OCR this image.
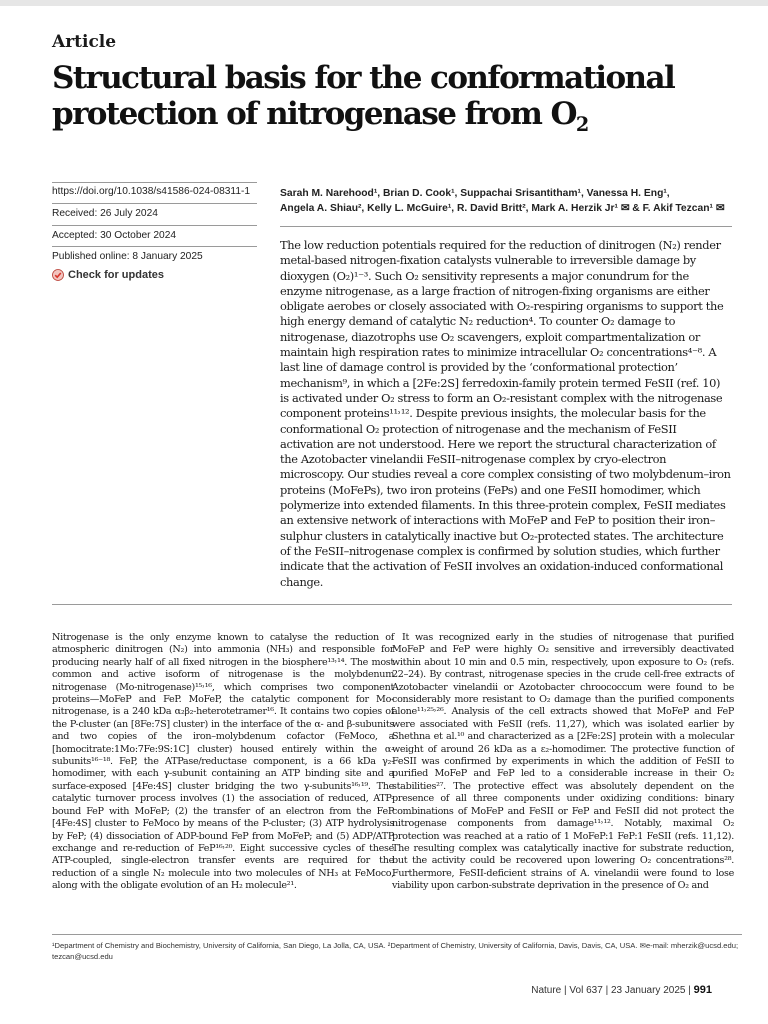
Article
Structural basis for the conformational protection of nitrogenase from $O_2$
https://doi.org/10.1038/s41586-024-08311-1
Received: 26 July 2024
Accepted: 30 October 2024
Published online: 8 January 2025
Check for updates
Sarah M. Narehood¹, Brian D. Cook¹, Suppachai Srisantitham¹, Vanessa H. Eng¹,
Angela A. Shiau², Kelly L. McGuire¹, R. David Britt², Mark A. Herzik Jr¹ ✉ & F. Akif Tezcan¹ ✉
The low reduction potentials required for the reduction of dinitrogen (N₂) render metal-based nitrogen-fixation catalysts vulnerable to irreversible damage by dioxygen (O₂)¹⁻³. Such O₂ sensitivity represents a major conundrum for the enzyme nitrogenase, as a large fraction of nitrogen-fixing organisms are either obligate aerobes or closely associated with O₂-respiring organisms to support the high energy demand of catalytic N₂ reduction⁴. To counter O₂ damage to nitrogenase, diazotrophs use O₂ scavengers, exploit compartmentalization or maintain high respiration rates to minimize intracellular O₂ concentrations⁴⁻⁸. A last line of damage control is provided by the ‘conformational protection’ mechanism⁹, in which a [2Fe:2S] ferredoxin-family protein termed FeSII (ref. 10) is activated under O₂ stress to form an O₂-resistant complex with the nitrogenase component proteins¹¹˒¹². Despite previous insights, the molecular basis for the conformational O₂ protection of nitrogenase and the mechanism of FeSII activation are not understood. Here we report the structural characterization of the Azotobacter vinelandii FeSII–nitrogenase complex by cryo-electron microscopy. Our studies reveal a core complex consisting of two molybdenum–iron proteins (MoFePs), two iron proteins (FePs) and one FeSII homodimer, which polymerize into extended filaments. In this three-protein complex, FeSII mediates an extensive network of interactions with MoFeP and FeP to position their iron–sulphur clusters in catalytically inactive but O₂-protected states. The architecture of the FeSII–nitrogenase complex is confirmed by solution studies, which further indicate that the activation of FeSII involves an oxidation-induced conformational change.
Nitrogenase is the only enzyme known to catalyse the reduction of atmospheric dinitrogen (N₂) into ammonia (NH₃) and responsible for producing nearly half of all fixed nitrogen in the biosphere¹³˒¹⁴. The most common and active isoform of nitrogenase is the molybdenum nitrogenase (Mo-nitrogenase)¹⁵˒¹⁶, which comprises two component proteins—MoFeP and FeP. MoFeP, the catalytic component for Mo-nitrogenase, is a 240 kDa α₂β₂-heterotetramer¹⁶. It contains two copies of the P-cluster (an [8Fe:7S] cluster) in the interface of the α- and β-subunits and two copies of the iron–molybdenum cofactor (FeMoco, a [homocitrate:1Mo:7Fe:9S:1C] cluster) housed entirely within the α-subunits¹⁶⁻¹⁸. FeP, the ATPase/reductase component, is a 66 kDa γ₂-homodimer, with each γ-subunit containing an ATP binding site and a surface-exposed [4Fe:4S] cluster bridging the two γ-subunits¹⁶˒¹⁹. The catalytic turnover process involves (1) the association of reduced, ATP-bound FeP with MoFeP; (2) the transfer of an electron from the FeP [4Fe:4S] cluster to FeMoco by means of the P-cluster; (3) ATP hydrolysis by FeP; (4) dissociation of ADP-bound FeP from MoFeP; and (5) ADP/ATP exchange and re-reduction of FeP¹⁶˒²⁰. Eight successive cycles of these ATP-coupled, single-electron transfer events are required for the reduction of a single N₂ molecule into two molecules of NH₃ at FeMoco, along with the obligate evolution of an H₂ molecule²¹.
It was recognized early in the studies of nitrogenase that purified MoFeP and FeP were highly O₂ sensitive and irreversibly deactivated within about 10 min and 0.5 min, respectively, upon exposure to O₂ (refs. 22–24). By contrast, nitrogenase species in the crude cell-free extracts of Azotobacter vinelandii or Azotobacter chroococcum were found to be considerably more resistant to O₂ damage than the purified components alone¹¹˒²⁵˒²⁶. Analysis of the cell extracts showed that MoFeP and FeP were associated with FeSII (refs. 11,27), which was isolated earlier by Shethna et al.¹⁰ and characterized as a [2Fe:2S] protein with a molecular weight of around 26 kDa as a ε₂-homodimer. The protective function of FeSII was confirmed by experiments in which the addition of FeSII to purified MoFeP and FeP led to a considerable increase in their O₂ stabilities²⁷. The protective effect was absolutely dependent on the presence of all three components under oxidizing conditions: binary combinations of MoFeP and FeSII or FeP and FeSII did not protect the nitrogenase components from damage¹¹˒¹². Notably, maximal O₂ protection was reached at a ratio of 1 MoFeP:1 FeP:1 FeSII (refs. 11,12). The resulting complex was catalytically inactive for substrate reduction, but the activity could be recovered upon lowering O₂ concentrations²⁸. Furthermore, FeSII-deficient strains of A. vinelandii were found to lose viability upon carbon-substrate deprivation in the presence of O₂ and
¹Department of Chemistry and Biochemistry, University of California, San Diego, La Jolla, CA, USA. ²Department of Chemistry, University of California, Davis, Davis, CA, USA. ✉e-mail: mherzik@ucsd.edu; tezcan@ucsd.edu
Nature | Vol 637 | 23 January 2025 | 991
